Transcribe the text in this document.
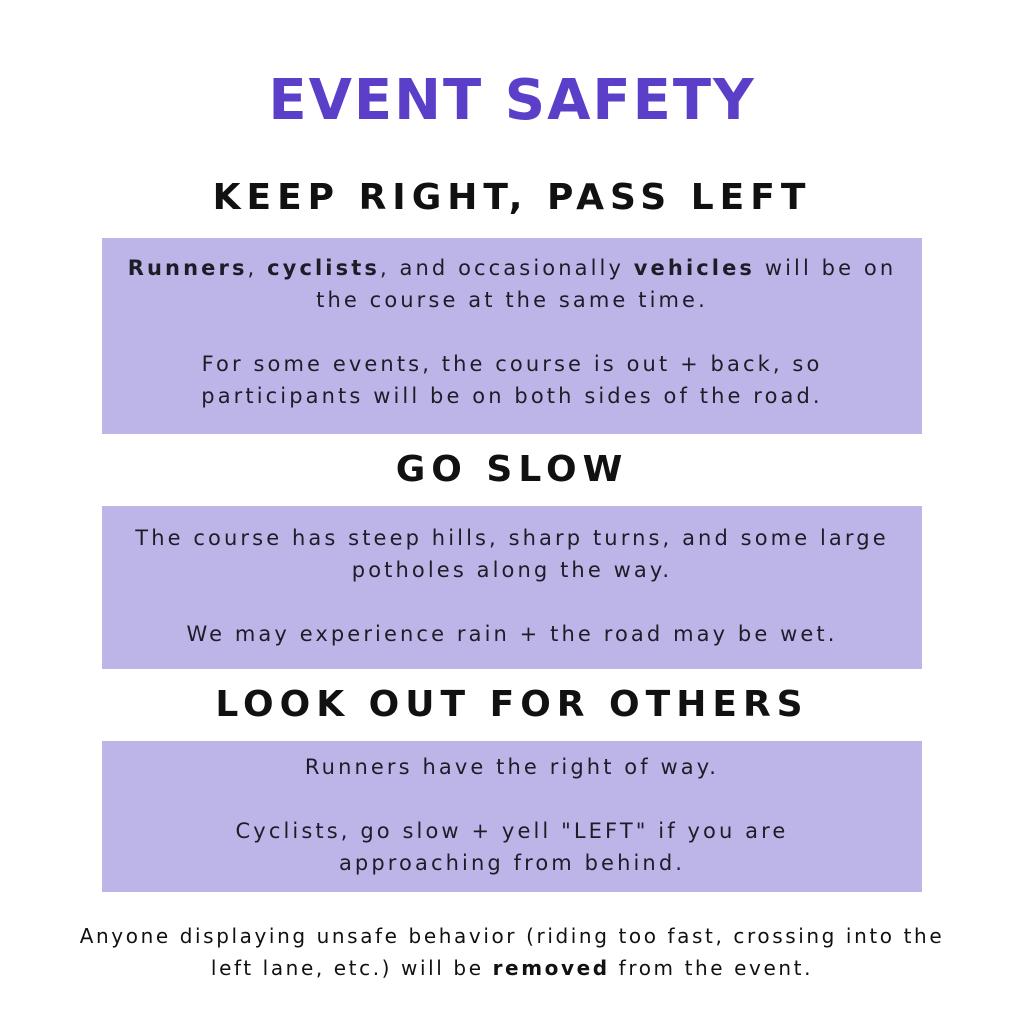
EVENT SAFETY
KEEP RIGHT, PASS LEFT

Runners, cyclists, and occasionally vehicles will be on the course at the same time.

For some events, the course is out + back, so participants will be on both sides of the road.

GO SLOW

The course has steep hills, sharp turns, and some large potholes along the way.

We may experience rain + the road may be wet.

LOOK OUT FOR OTHERS

Runners have the right of way.

Cyclists, go slow + yell "LEFT" if you are approaching from behind.

Anyone displaying unsafe behavior (riding too fast, crossing into the left lane, etc.) will be removed from the event.
